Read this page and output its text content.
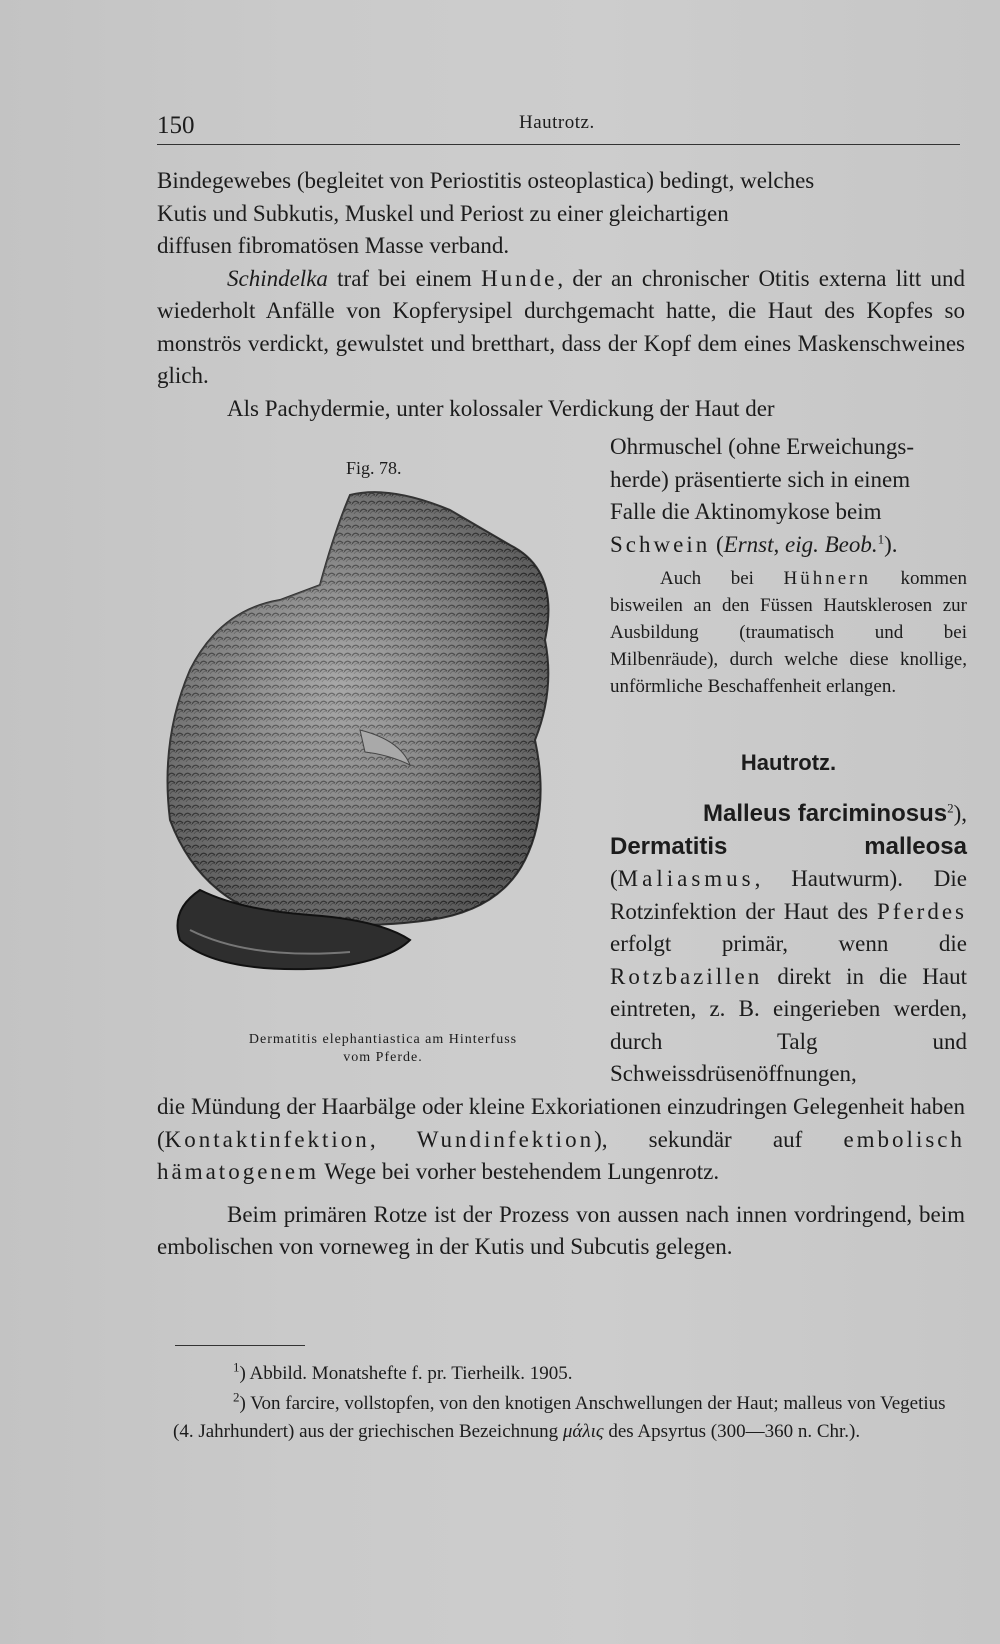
150	Hautrotz.

Bindegewebes (begleitet von Periostitis osteoplastica) bedingt, welches

Kutis und Subkutis, Muskel und Periost zu einer gleichartigen

diffusen fibromatösen Masse verband.

Schindelka traf bei einem Hunde, der an chronischer Otitis externa litt und wiederholt Anfälle von Kopferysipel durchgemacht hatte, die Haut des Kopfes so monströs verdickt, gewulstet und bretthart, dass der Kopf dem eines Maskenschweines glich.

Als Pachydermie, unter kolossaler Verdickung der Haut der

Ohrmuschel (ohne Erweichungs-
herde) präsentierte sich in einem
Falle die Aktinomykose beim
Schwein (Ernst, eig. Beob.$^1$).
Auch bei Hühnern kommen bisweilen an den Füssen Hautsklerosen zur Ausbildung (traumatisch und bei Milbenräude), durch welche diese knollige, unförmliche Beschaffenheit erlangen.
Fig. 78.
Dermatitis elephantiastica am Hinterfuss
vom Pferde.
Hautrotz.
Malleus farciminosus$^2$),
Dermatitis malleosa (Maliasmus, Hautwurm). Die Rotzinfektion der Haut des Pferdes erfolgt primär, wenn die Rotzbazillen direkt in die Haut eintreten, z. B. eingerieben werden, durch Talg und Schweissdrüsenöffnungen,

die Mündung der Haarbälge oder kleine Exkoriationen einzudringen Gelegenheit haben (Kontaktinfektion, Wundinfektion), sekundär auf embolisch hämatogenem Wege bei vorher bestehendem Lungenrotz.

Beim primären Rotze ist der Prozess von aussen nach innen vordringend, beim embolischen von vorneweg in der Kutis und Subcutis gelegen.

$^1$) Abbild. Monatshefte f. pr. Tierheilk. 1905.
$^2$) Von farcire, vollstopfen, von den knotigen Anschwellungen der Haut; malleus von Vegetius (4. Jahrhundert) aus der griechischen Bezeichnung μάλις des Apsyrtus (300—360 n. Chr.).
